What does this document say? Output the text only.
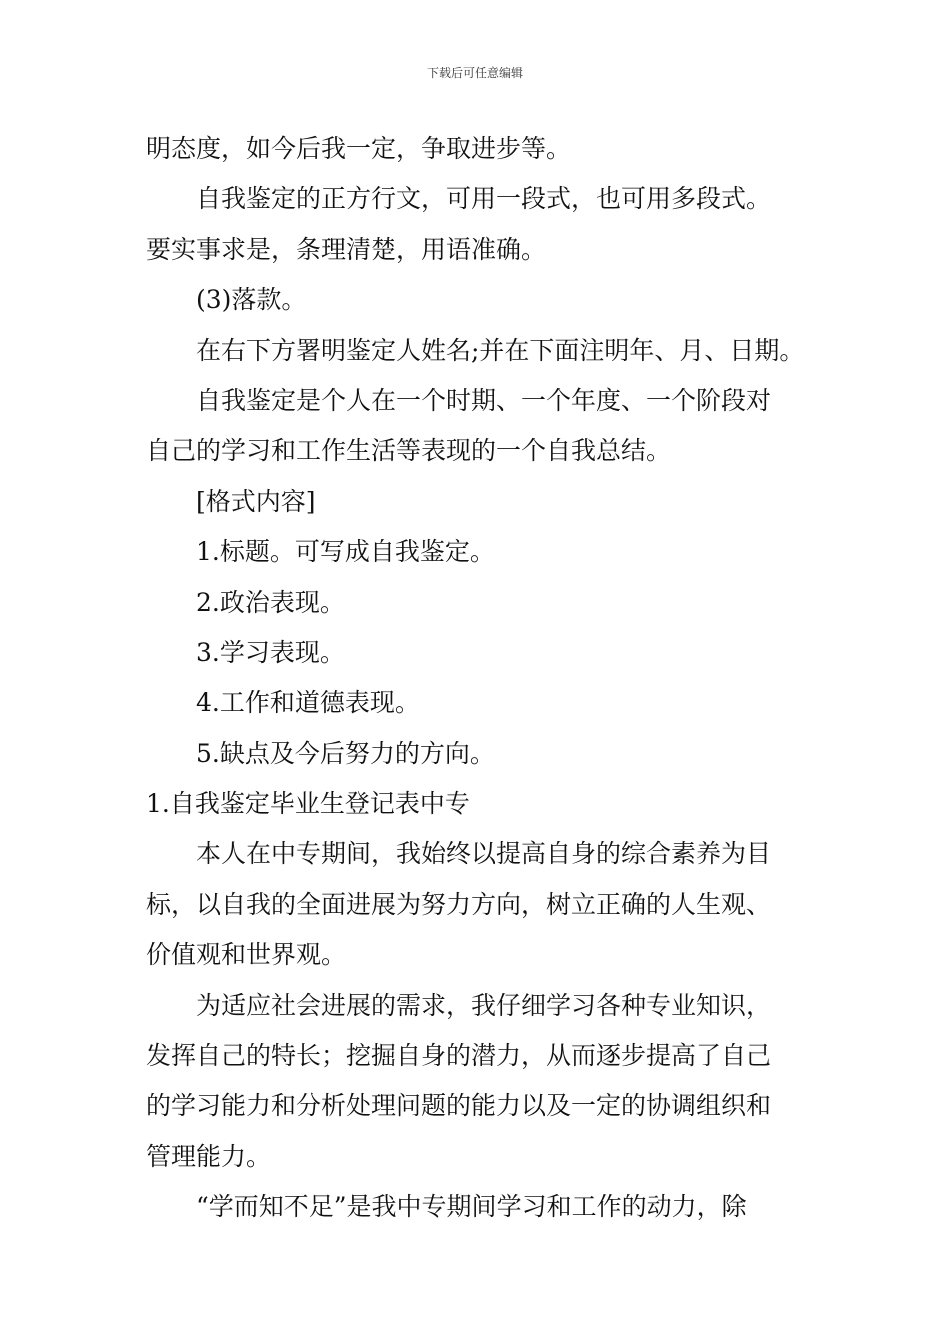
下载后可任意编辑
明态度，如今后我一定，争取进步等。
自我鉴定的正方行文，可用一段式，也可用多段式。
要实事求是，条理清楚，用语准确。
(3)落款。
在右下方署明鉴定人姓名;并在下面注明年、月、日期。
自我鉴定是个人在一个时期、一个年度、一个阶段对
自己的学习和工作生活等表现的一个自我总结。
[格式内容]
1.标题。可写成自我鉴定。
2.政治表现。
3.学习表现。
4.工作和道德表现。
5.缺点及今后努力的方向。
1.自我鉴定毕业生登记表中专
本人在中专期间，我始终以提高自身的综合素养为目
标，以自我的全面进展为努力方向，树立正确的人生观、
价值观和世界观。
为适应社会进展的需求，我仔细学习各种专业知识，
发挥自己的特长；挖掘自身的潜力，从而逐步提高了自己
的学习能力和分析处理问题的能力以及一定的协调组织和
管理能力。
“学而知不足”是我中专期间学习和工作的动力，除
